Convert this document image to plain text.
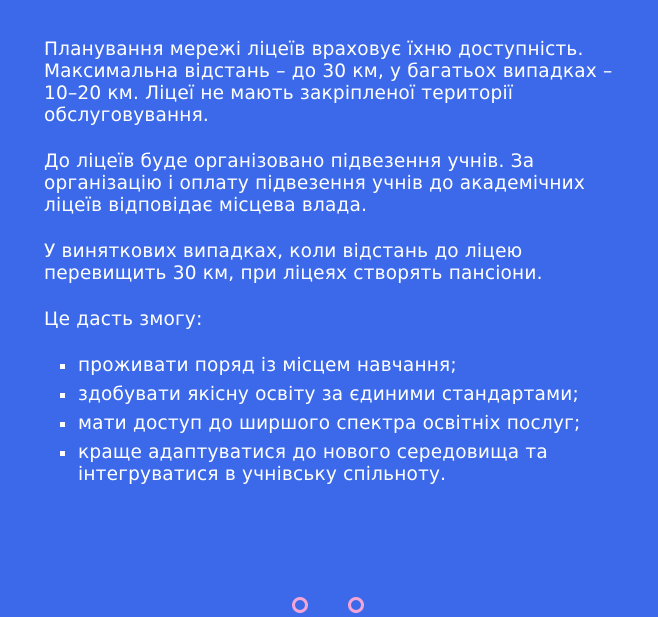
Планування мережі ліцеїв враховує їхню доступність. Максимальна відстань – до 30 км, у багатьох випадках – 10–20 км. Ліцеї не мають закріпленої території обслуговування.

До ліцеїв буде організовано підвезення учнів. За організацію і оплату підвезення учнів до академічних ліцеїв відповідає місцева влада.

У виняткових випадках, коли відстань до ліцею перевищить 30 км, при ліцеях створять пансіони.

Це дасть змогу:

проживати поряд із місцем навчання;
здобувати якісну освіту за єдиними стандартами;
мати доступ до ширшого спектра освітніх послуг;
краще адаптуватися до нового середовища та інтегруватися в учнівську спільноту.
